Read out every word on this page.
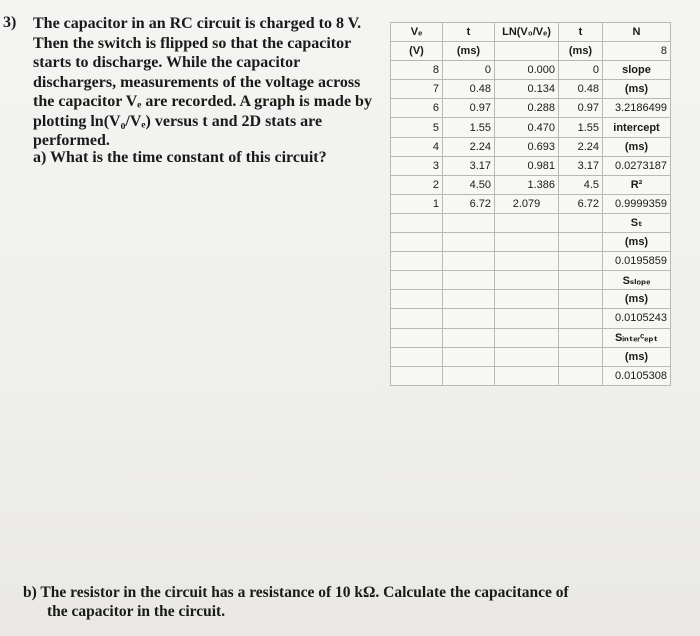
3) The capacitor in an RC circuit is charged to 8 V.
Then the switch is flipped so that the capacitor
starts to discharge. While the capacitor
dischargers, measurements of the voltage across
the capacitor Vₑ are recorded. A graph is made by
plotting ln(V₀/Vₑ) versus t and 2D stats are
performed.
a) What is the time constant of this circuit?
b) The resistor in the circuit has a resistance of 10 kΩ. Calculate the capacitance of
the capacitor in the circuit.
Vₑ	t	LN(V₀/Vₑ)	t	N
(V)	(ms)		(ms)	8
8	0	0.000	0	slope
7	0.48	0.134	0.48	(ms)
6	0.97	0.288	0.97	3.2186499
5	1.55	0.470	1.55	intercept
4	2.24	0.693	2.24	(ms)
3	3.17	0.981	3.17	0.0273187
2	4.50	1.386	4.5	R²
1	6.72	2.079	6.72	0.9999359
				Sₜ
				(ms)
				0.0195859
				Sₛₗₒₚₑ
				(ms)
				0.0105243
				Sᵢₙₜₑᵣᶜₑₚₜ
				(ms)
				0.0105308
